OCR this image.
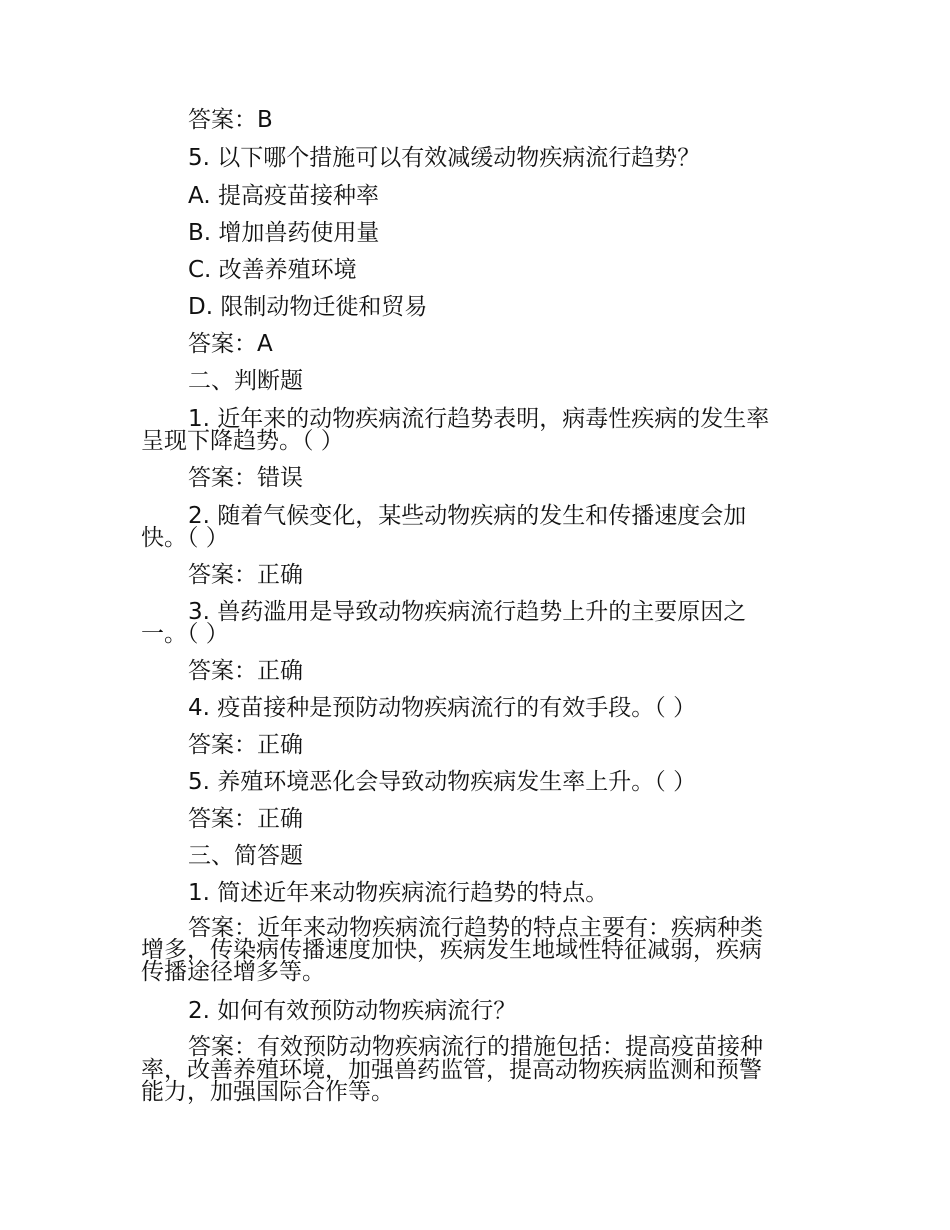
答案：B
5. 以下哪个措施可以有效减缓动物疾病流行趋势？
A. 提高疫苗接种率
B. 增加兽药使用量
C. 改善养殖环境
D. 限制动物迁徙和贸易
答案：A
二、判断题
1. 近年来的动物疾病流行趋势表明，病毒性疾病的发生率
呈现下降趋势。（ ）
答案：错误
2. 随着气候变化，某些动物疾病的发生和传播速度会加
快。（ ）
答案：正确
3. 兽药滥用是导致动物疾病流行趋势上升的主要原因之
一。（ ）
答案：正确
4. 疫苗接种是预防动物疾病流行的有效手段。（ ）
答案：正确
5. 养殖环境恶化会导致动物疾病发生率上升。（ ）
答案：正确
三、简答题
1. 简述近年来动物疾病流行趋势的特点。
答案：近年来动物疾病流行趋势的特点主要有：疾病种类
增多，传染病传播速度加快，疾病发生地域性特征减弱，疾病
传播途径增多等。
2. 如何有效预防动物疾病流行？
答案：有效预防动物疾病流行的措施包括：提高疫苗接种
率，改善养殖环境，加强兽药监管，提高动物疾病监测和预警
能力，加强国际合作等。
